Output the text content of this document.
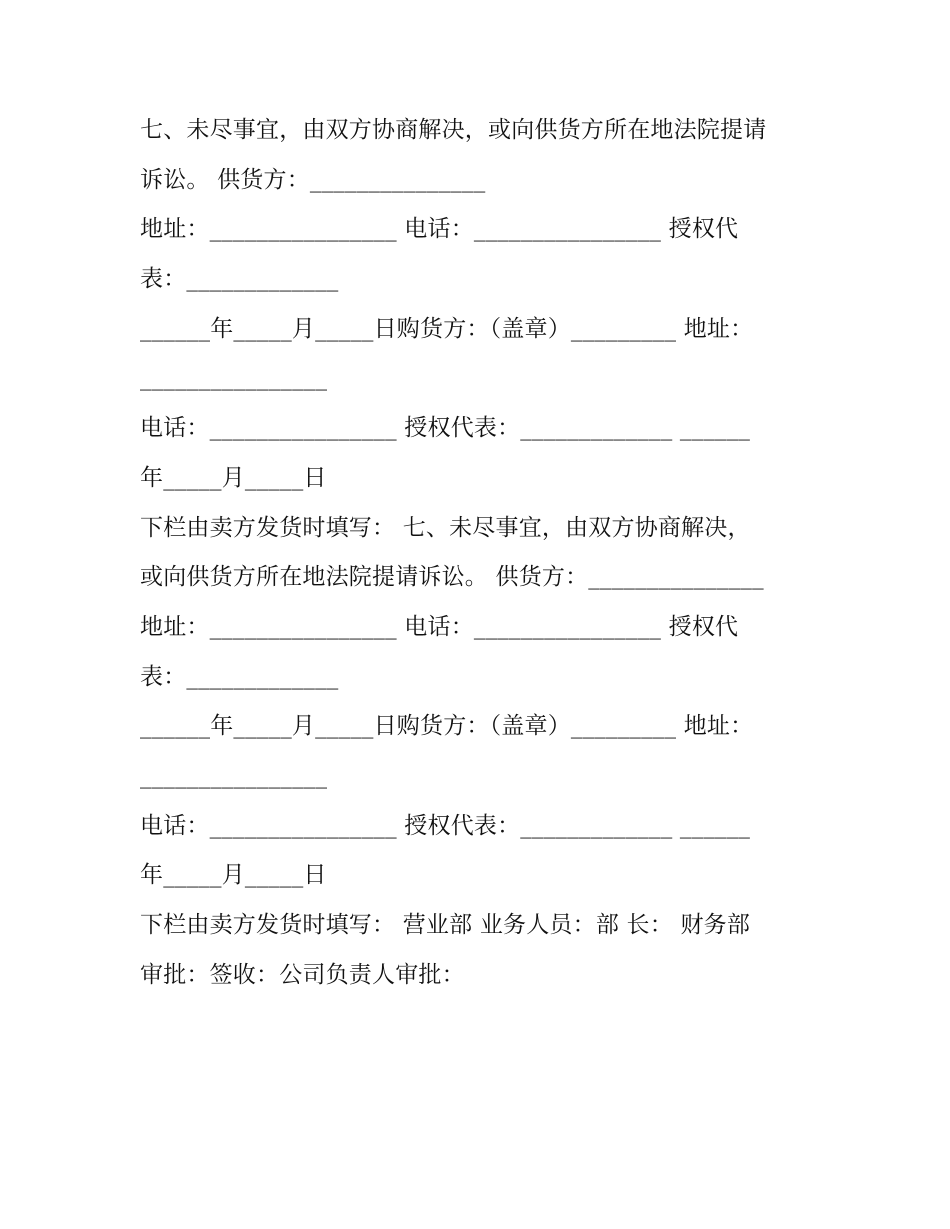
七、未尽事宜，由双方协商解决，或向供货方所在地法院提请
诉讼。 供货方：_______________
地址：________________ 电话：________________ 授权代
表：_____________
______年_____月_____日购货方：（盖章）_________ 地址：
________________
电话：________________ 授权代表：_____________ ______
年_____月_____日
下栏由卖方发货时填写： 七、未尽事宜，由双方协商解决，
或向供货方所在地法院提请诉讼。 供货方：_______________
地址：________________ 电话：________________ 授权代
表：_____________
______年_____月_____日购货方：（盖章）_________ 地址：
________________
电话：________________ 授权代表：_____________ ______
年_____月_____日
下栏由卖方发货时填写： 营业部 业务人员：部 长： 财务部
审批：签收：公司负责人审批：
